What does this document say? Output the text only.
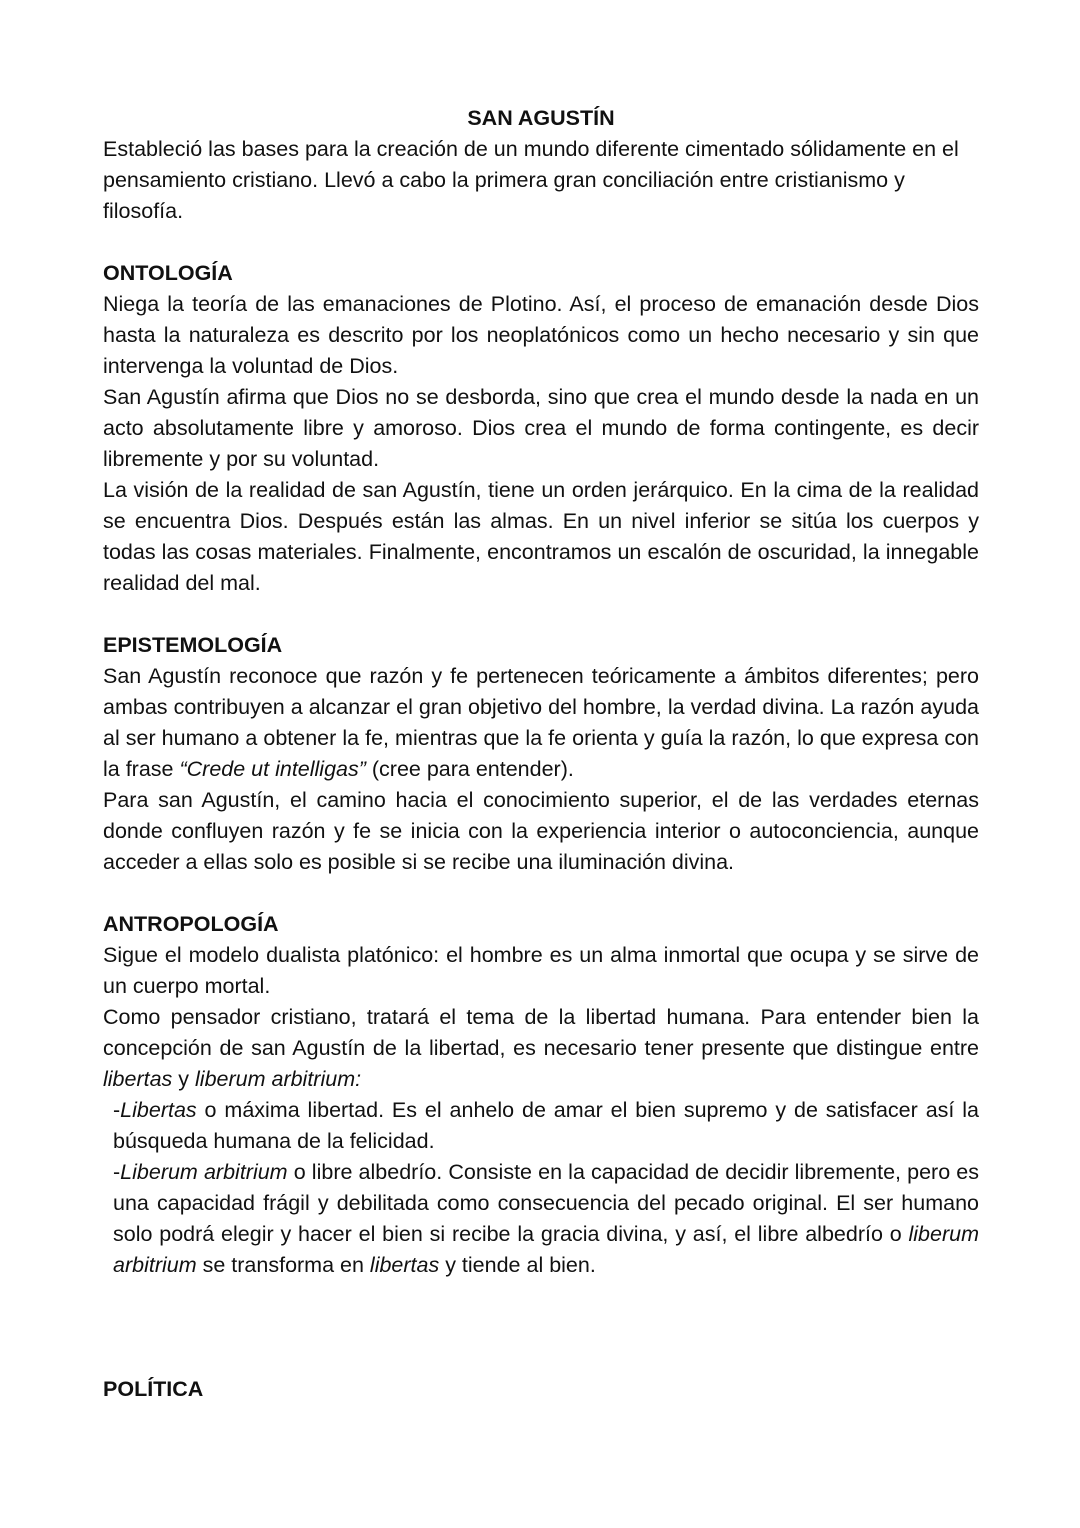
SAN AGUSTÍN

Estableció las bases para la creación de un mundo diferente cimentado sólidamente en el pensamiento cristiano. Llevó a cabo la primera gran conciliación entre cristianismo y filosofía.

ONTOLOGÍA

Niega la teoría de las emanaciones de Plotino. Así, el proceso de emanación desde Dios hasta la naturaleza es descrito por los neoplatónicos como un hecho necesario y sin que intervenga la voluntad de Dios.

San Agustín afirma que Dios no se desborda, sino que crea el mundo desde la nada en un acto absolutamente libre y amoroso. Dios crea el mundo de forma contingente, es decir libremente y por su voluntad.

La visión de la realidad de san Agustín, tiene un orden jerárquico. En la cima de la realidad se encuentra Dios. Después están las almas. En un nivel inferior se sitúa los cuerpos y todas las cosas materiales. Finalmente, encontramos un escalón de oscuridad, la innegable realidad del mal.

EPISTEMOLOGÍA

San Agustín reconoce que razón y fe pertenecen teóricamente a ámbitos diferentes; pero ambas contribuyen a alcanzar el gran objetivo del hombre, la verdad divina. La razón ayuda al ser humano a obtener la fe, mientras que la fe orienta y guía la razón, lo que expresa con la frase “Crede ut intelligas” (cree para entender).

Para san Agustín, el camino hacia el conocimiento superior, el de las verdades eternas donde confluyen razón y fe se inicia con la experiencia interior o autoconciencia, aunque acceder a ellas solo es posible si se recibe una iluminación divina.

ANTROPOLOGÍA

Sigue el modelo dualista platónico: el hombre es un alma inmortal que ocupa y se sirve de un cuerpo mortal.

Como pensador cristiano, tratará el tema de la libertad humana. Para entender bien la concepción de san Agustín de la libertad, es necesario tener presente que distingue entre libertas y liberum arbitrium:

-Libertas o máxima libertad. Es el anhelo de amar el bien supremo y de satisfacer así la búsqueda humana de la felicidad.

-Liberum arbitrium o libre albedrío. Consiste en la capacidad de decidir libremente, pero es una capacidad frágil y debilitada como consecuencia del pecado original. El ser humano solo podrá elegir y hacer el bien si recibe la gracia divina, y así, el libre albedrío o liberum arbitrium se transforma en libertas y tiende al bien.

POLÍTICA
